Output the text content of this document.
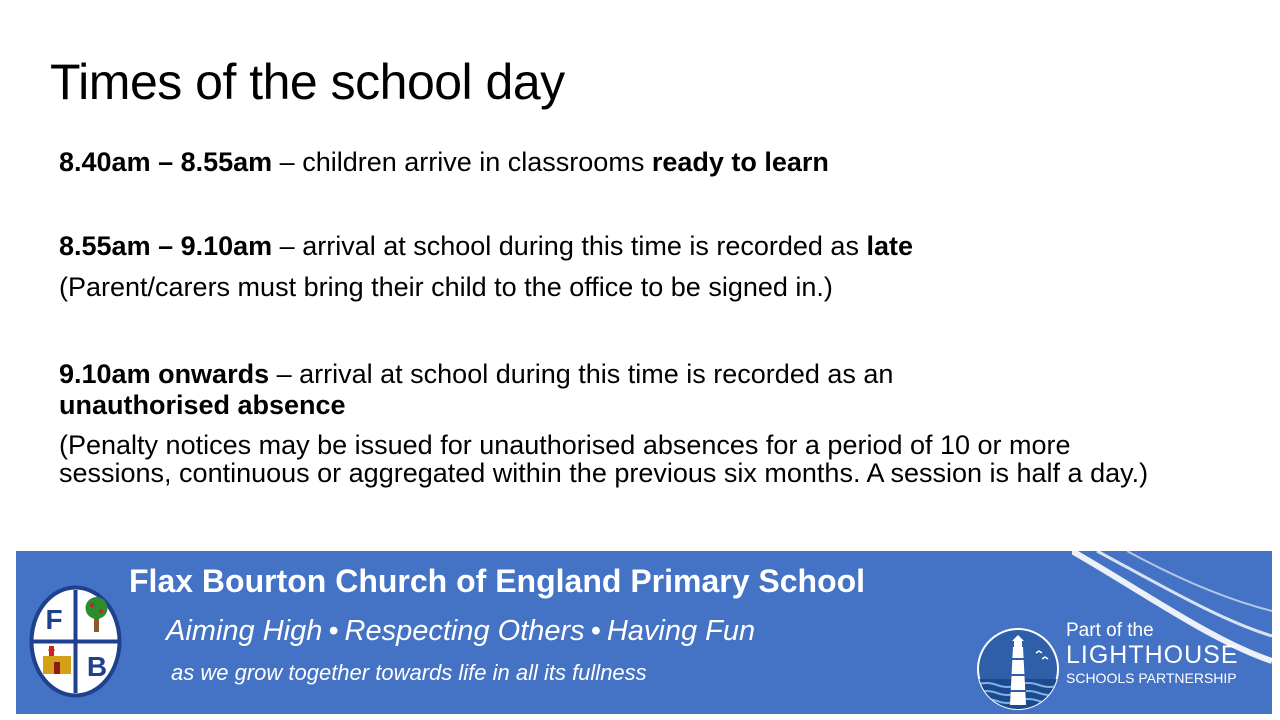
Times of the school day

8.40am – 8.55am – children arrive in classrooms ready to learn

8.55am – 9.10am – arrival at school during this time is recorded as late

(Parent/carers must bring their child to the office to be signed in.)

9.10am onwards – arrival at school during this time is recorded as an

unauthorised absence

(Penalty notices may be issued for unauthorised absences for a period of 10 or more sessions, continuous or aggregated within the previous six months. A session is half a day.)

F
B
Flax Bourton Church of England Primary School
Aiming High • Respecting Others • Having Fun
as we grow together towards life in all its fullness
Part of the
LIGHTHOUSE
SCHOOLS PARTNERSHIP
